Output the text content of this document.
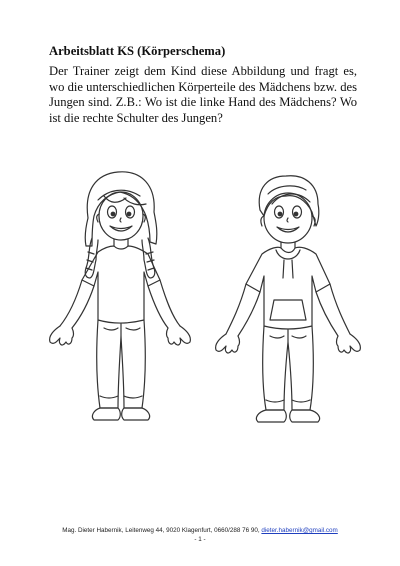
Arbeitsblatt KS (Körperschema)
Der Trainer zeigt dem Kind diese Abbildung und fragt es, wo die unterschiedlichen Körperteile des Mädchens bzw. des Jungen sind. Z.B.: Wo ist die linke Hand des Mädchens? Wo ist die rechte Schulter des Jungen?
Mag. Dieter Habernik, Leitenweg 44, 9020 Klagenfurt, 0660/288 76 90, dieter.habernik@gmail.com
- 1 -
